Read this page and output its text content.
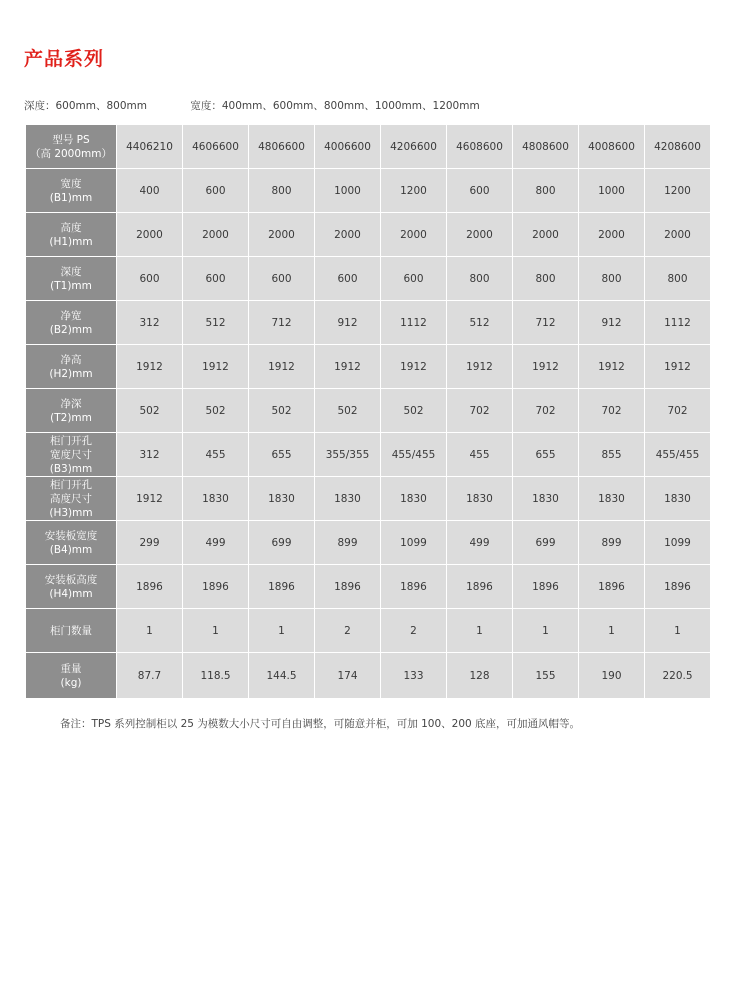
产品系列
深度：600mm、800mm	宽度：400mm、600mm、800mm、1000mm、1200mm
型号 PS
（高 2000mm）	4406210	4606600	4806600	4006600	4206600	4608600	4808600	4008600	4208600

宽度
(B1)mm	400	600	800	1000	1200	600	800	1000	1200

高度
(H1)mm	2000	2000	2000	2000	2000	2000	2000	2000	2000

深度
(T1)mm	600	600	600	600	600	800	800	800	800

净宽
(B2)mm	312	512	712	912	1112	512	712	912	1112

净高
(H2)mm	1912	1912	1912	1912	1912	1912	1912	1912	1912

净深
(T2)mm	502	502	502	502	502	702	702	702	702

柜门开孔
宽度尺寸
(B3)mm	312	455	655	355/355	455/455	455	655	855	455/455

柜门开孔
高度尺寸
(H3)mm	1912	1830	1830	1830	1830	1830	1830	1830	1830

安装板宽度
(B4)mm	299	499	699	899	1099	499	699	899	1099

安装板高度
(H4)mm	1896	1896	1896	1896	1896	1896	1896	1896	1896

柜门数量	1	1	1	2	2	1	1	1	1

重量
(kg)	87.7	118.5	144.5	174	133	128	155	190	220.5
备注：TPS 系列控制柜以 25 为模数大小尺寸可自由调整，可随意并柜，可加 100、200 底座，可加通风帽等。
